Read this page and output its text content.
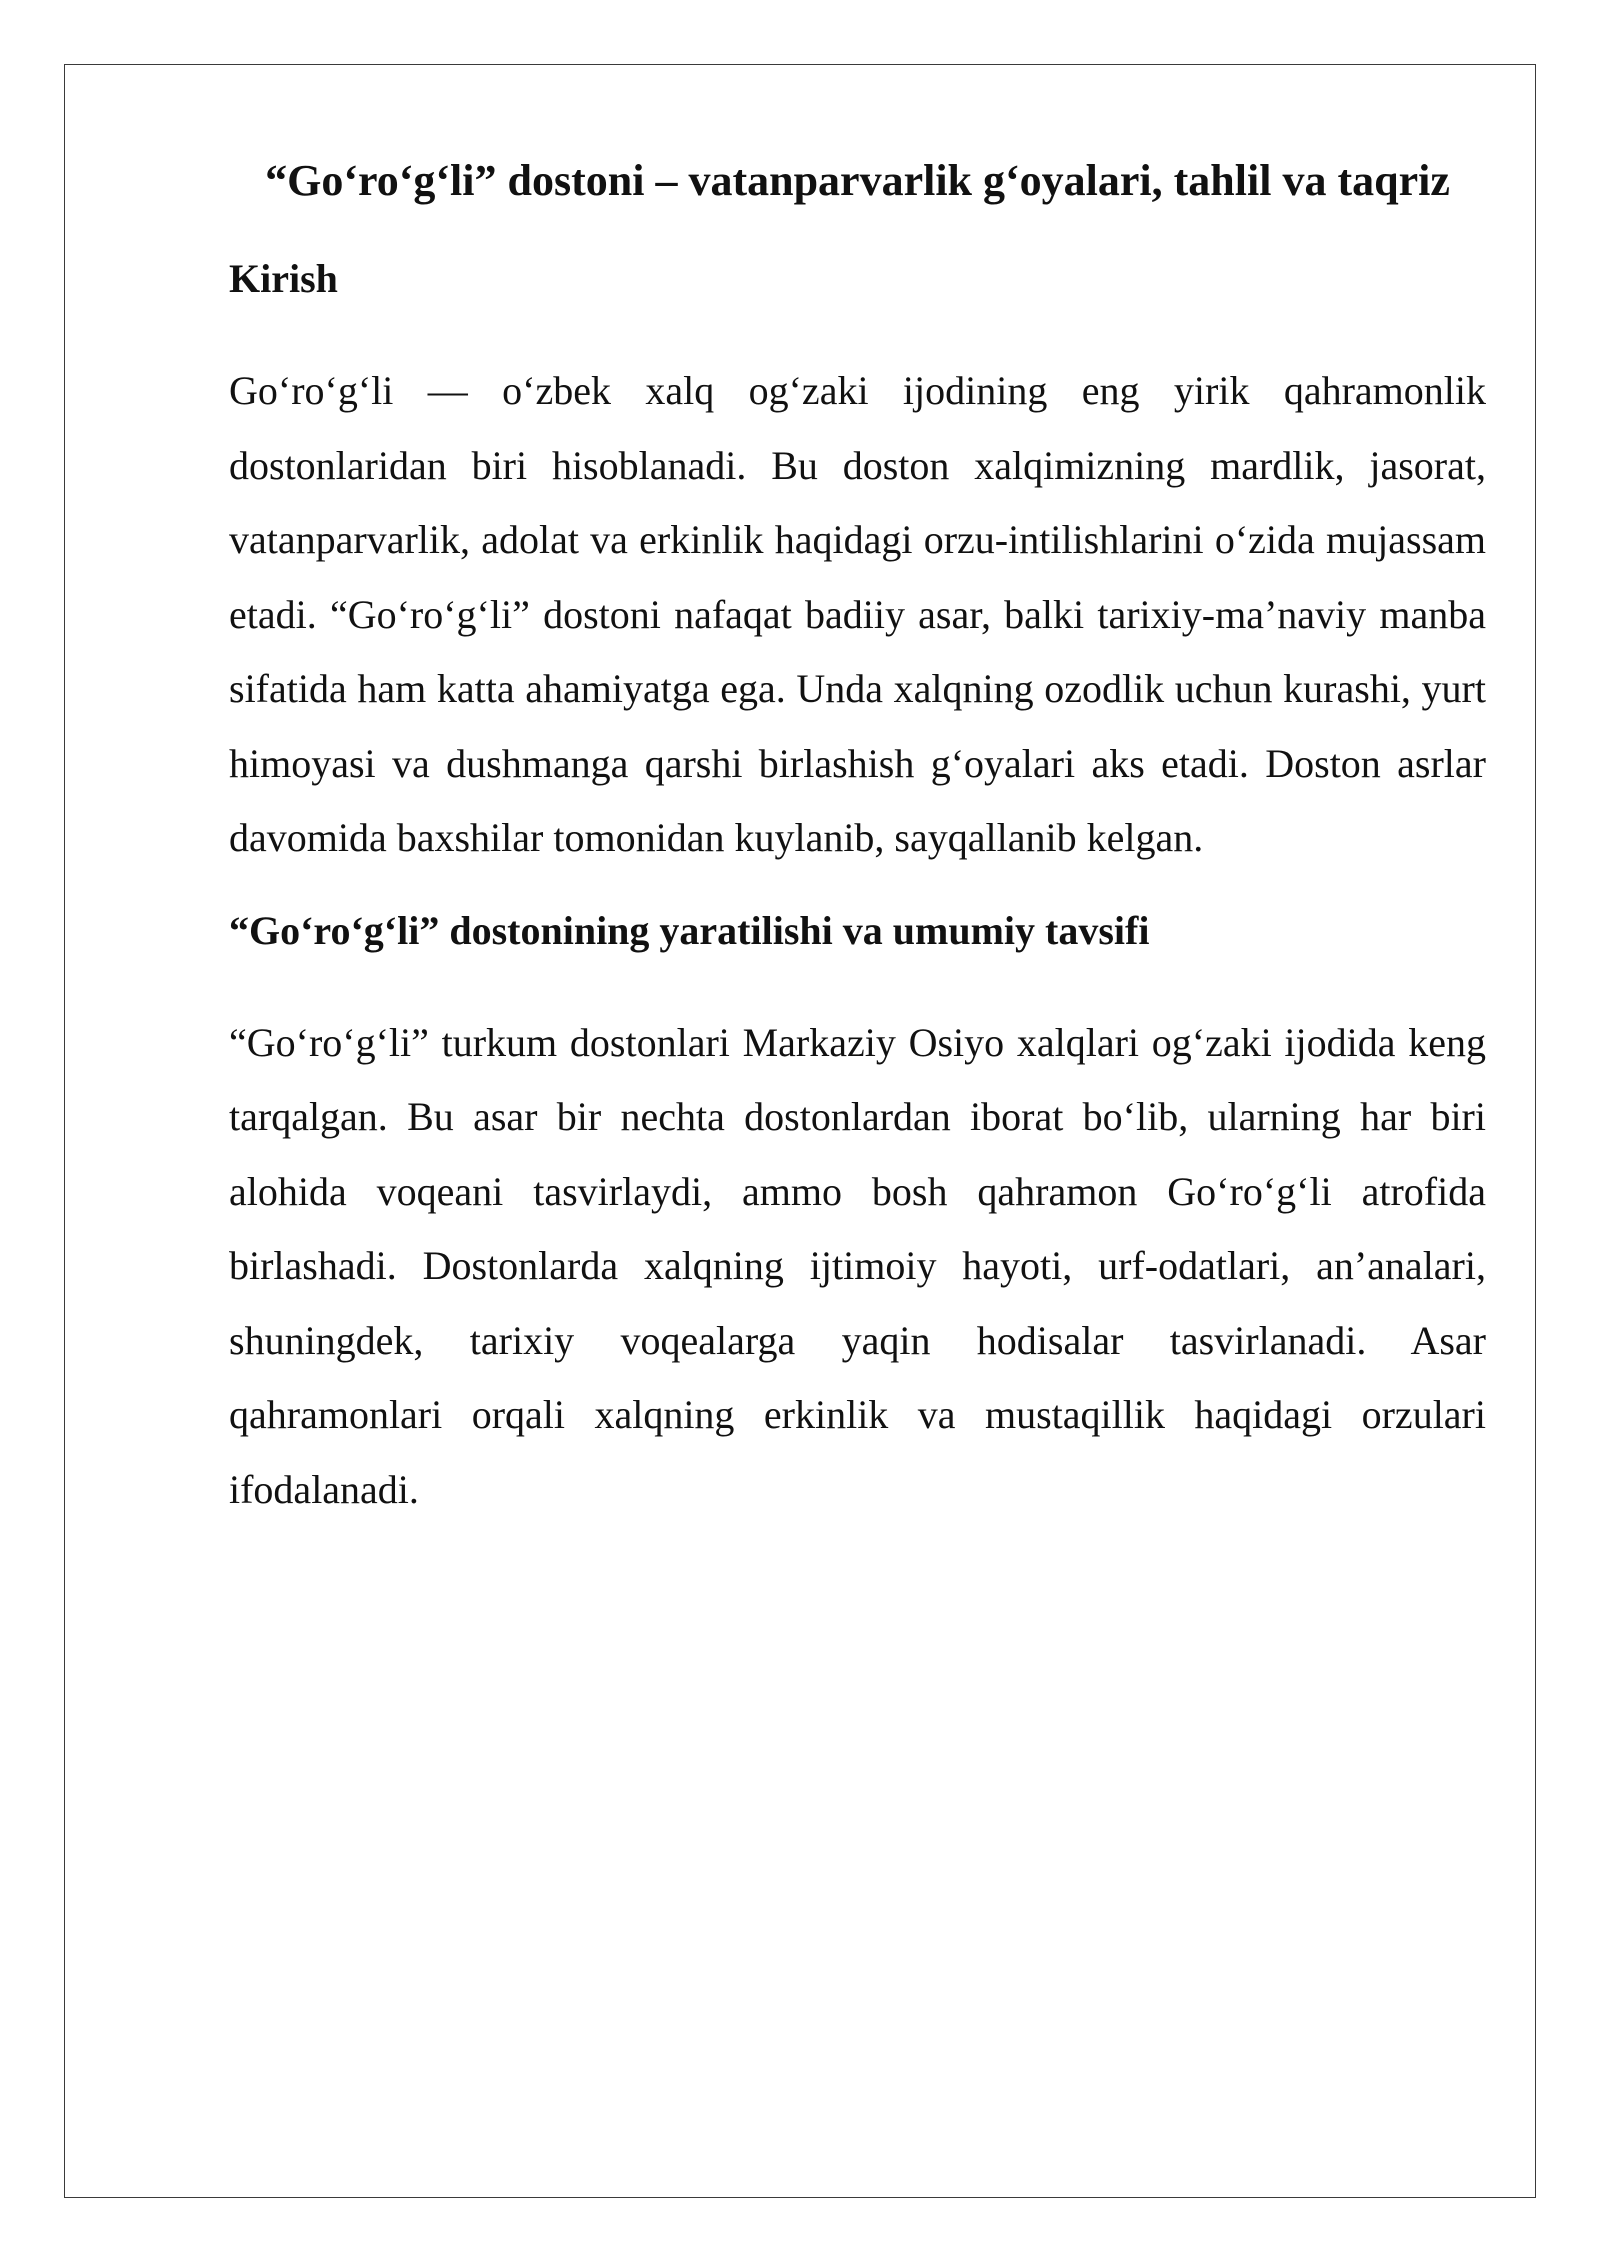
“Go‘ro‘g‘li” dostoni – vatanparvarlik g‘oyalari, tahlil va taqriz
Kirish

Go‘ro‘g‘li — o‘zbek xalq og‘zaki ijodining eng yirik qahramonlik dostonlaridan biri hisoblanadi. Bu doston xalqimizning mardlik, jasorat, vatanparvarlik, adolat va erkinlik haqidagi orzu-intilishlarini o‘zida mujassam etadi. “Go‘ro‘g‘li” dostoni nafaqat badiiy asar, balki tarixiy-ma’naviy manba sifatida ham katta ahamiyatga ega. Unda xalqning ozodlik uchun kurashi, yurt himoyasi va dushmanga qarshi birlashish g‘oyalari aks etadi. Doston asrlar davomida baxshilar tomonidan kuylanib, sayqallanib kelgan.

“Go‘ro‘g‘li” dostonining yaratilishi va umumiy tavsifi

“Go‘ro‘g‘li” turkum dostonlari Markaziy Osiyo xalqlari og‘zaki ijodida keng tarqalgan. Bu asar bir nechta dostonlardan iborat bo‘lib, ularning har biri alohida voqeani tasvirlaydi, ammo bosh qahramon Go‘ro‘g‘li atrofida birlashadi. Dostonlarda xalqning ijtimoiy hayoti, urf-odatlari, an’analari, shuningdek, tarixiy voqealarga yaqin hodisalar tasvirlanadi. Asar qahramonlari orqali xalqning erkinlik va mustaqillik haqidagi orzulari ifodalanadi.
